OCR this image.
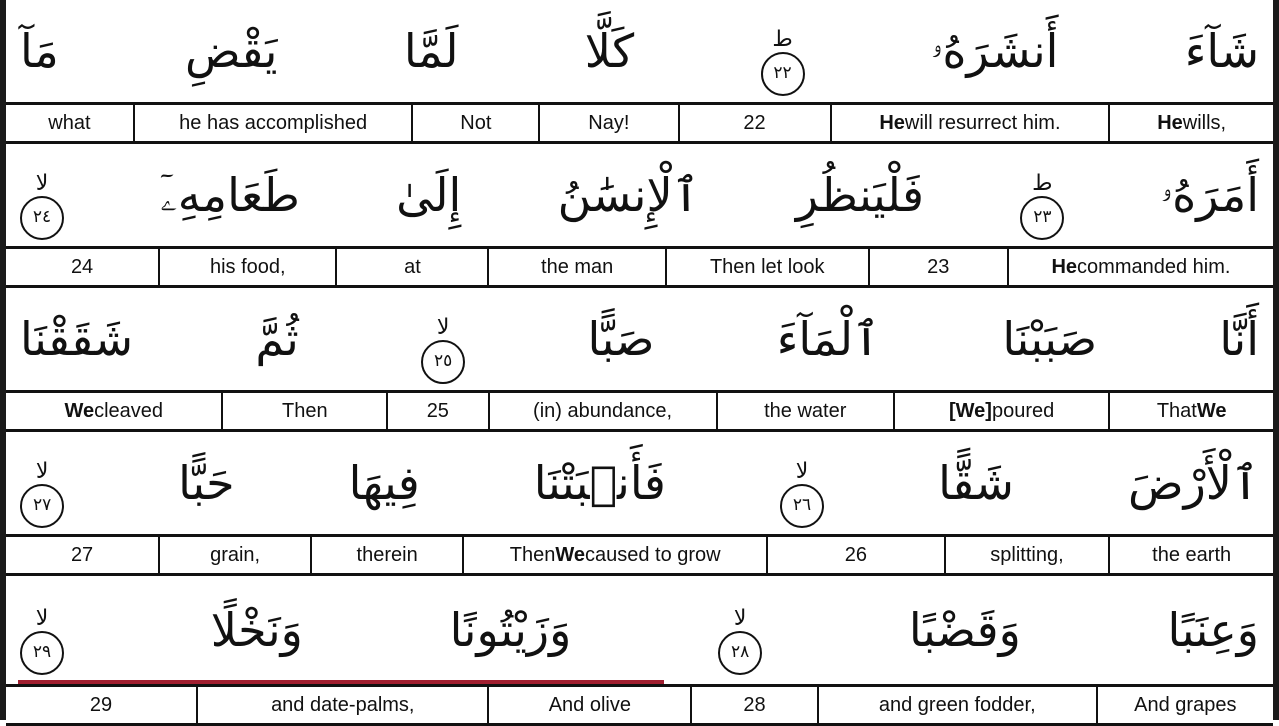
شَآءَ
أَنشَرَهُۥ
ط
٢٢
كَلَّا
لَمَّا
يَقْضِ
مَآ
He wills,
He will resurrect him.
22
Nay!
Not
he has accomplished
what
أَمَرَهُۥ
ط
٢٣
فَلْيَنظُرِ
ٱلْإِنسَٰنُ
إِلَىٰ
طَعَامِهِۦٓ
لا
٢٤
He commanded him.
23
Then let look
the man
at
his food,
24
أَنَّا
صَبَبْنَا
ٱلْمَآءَ
صَبًّا
لا
٢٥
ثُمَّ
شَقَقْنَا
That We
[We] poured
the water
(in) abundance,
25
Then
We cleaved
ٱلْأَرْضَ
شَقًّا
لا
٢٦
فَأَنۢبَتْنَا
فِيهَا
حَبًّا
لا
٢٧
the earth
splitting,
26
Then We caused to grow
therein
grain,
27
وَعِنَبًا
وَقَضْبًا
لا
٢٨
وَزَيْتُونًا
وَنَخْلًا
لا
٢٩
And grapes
and green fodder,
28
And olive
and date-palms,
29
